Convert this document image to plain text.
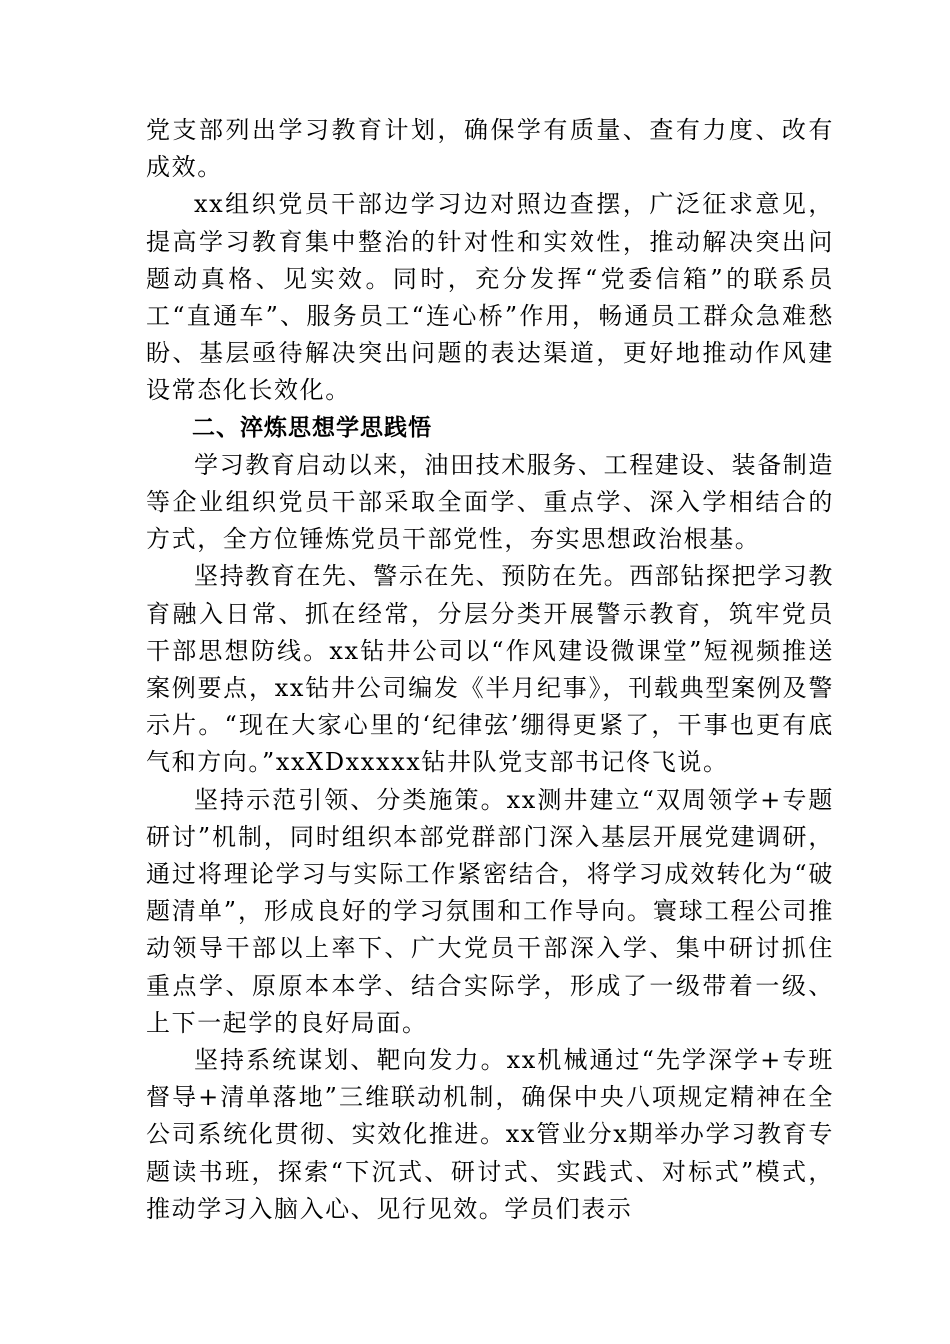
党支部列出学习教育计划，确保学有质量、查有力度、改有成效。

xx组织党员干部边学习边对照边查摆，广泛征求意见，提高学习教育集中整治的针对性和实效性，推动解决突出问题动真格、见实效。同时，充分发挥“党委信箱”的联系员工“直通车”、服务员工“连心桥”作用，畅通员工群众急难愁盼、基层亟待解决突出问题的表达渠道，更好地推动作风建设常态化长效化。

二、淬炼思想学思践悟

学习教育启动以来，油田技术服务、工程建设、装备制造等企业组织党员干部采取全面学、重点学、深入学相结合的方式，全方位锤炼党员干部党性，夯实思想政治根基。

坚持教育在先、警示在先、预防在先。西部钻探把学习教育融入日常、抓在经常，分层分类开展警示教育，筑牢党员干部思想防线。xx钻井公司以“作风建设微课堂”短视频推送案例要点，xx钻井公司编发《半月纪事》，刊载典型案例及警示片。“现在大家心里的‘纪律弦’绷得更紧了，干事也更有底气和方向。”xxXDxxxxx钻井队党支部书记佟飞说。

坚持示范引领、分类施策。xx测井建立“双周领学+专题研讨”机制，同时组织本部党群部门深入基层开展党建调研，通过将理论学习与实际工作紧密结合，将学习成效转化为“破题清单”，形成良好的学习氛围和工作导向。寰球工程公司推动领导干部以上率下、广大党员干部深入学、集中研讨抓住重点学、原原本本学、结合实际学，形成了一级带着一级、上下一起学的良好局面。

坚持系统谋划、靶向发力。xx机械通过“先学深学+专班督导+清单落地”三维联动机制，确保中央八项规定精神在全公司系统化贯彻、实效化推进。xx管业分x期举办学习教育专题读书班，探索“下沉式、研讨式、实践式、对标式”模式，推动学习入脑入心、见行见效。学员们表示
